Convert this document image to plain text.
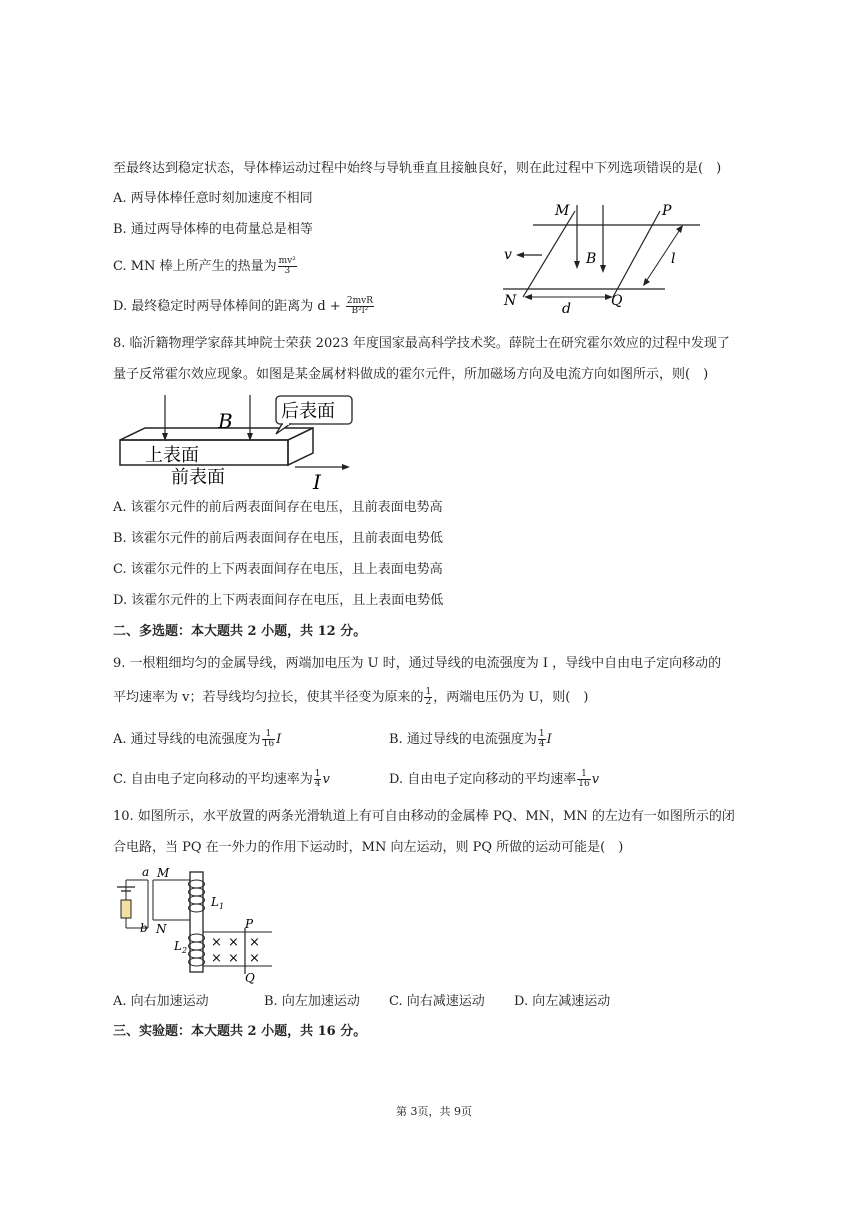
至最终达到稳定状态，导体棒运动过程中始终与导轨垂直且接触良好，则在此过程中下列选项错误的是(　)
A. 两导体棒任意时刻加速度不相同
B. 通过两导体棒的电荷量总是相等
C. MN 棒上所产生的热量为 $\frac{\text{mv²}}{3}$
D. 最终稳定时两导体棒间的距离为 $d + \frac{\text{2mvR}}{\text{B²l²}}$
M	P
N	Q
v	B	l
d
8. 临沂籍物理学家薛其坤院士荣获 2023 年度国家最高科学技术奖。薛院士在研究霍尔效应的过程中发现了
量子反常霍尔效应现象。如图是某金属材料做成的霍尔元件，所加磁场方向及电流方向如图所示，则(　)
B	后表面
上表面
前表面	I
A. 该霍尔元件的前后两表面间存在电压，且前表面电势高
B. 该霍尔元件的前后两表面间存在电压，且前表面电势低
C. 该霍尔元件的上下两表面间存在电压，且上表面电势高
D. 该霍尔元件的上下两表面间存在电压，且上表面电势低
二、多选题：本大题共 2 小题，共 12 分。
9. 一根粗细均匀的金属导线，两端加电压为 U 时，通过导线的电流强度为 I ，导线中自由电子定向移动的
平均速率为 v；若导线均匀拉长，使其半径变为原来的 $\frac{1}{2}$ ，两端电压仍为 U，则(　)
A. 通过导线的电流强度为 $\frac{1}{16}$ I	B. 通过导线的电流强度为 $\frac{1}{4}$ I
C. 自由电子定向移动的平均速率为 $\frac{1}{4}$ v	D. 自由电子定向移动的平均速率 $\frac{1}{16}$ v
10. 如图所示，水平放置的两条光滑轨道上有可自由移动的金属棒 PQ、MN，MN 的左边有一如图所示的闭
合电路，当 PQ 在一外力的作用下运动时，MN 向左运动，则 PQ 所做的运动可能是(　)
× × ×
× × ×
a
b
M
N
$L_1$
$L_2$
P
Q
A. 向右加速运动	B. 向左加速运动 C. 向右减速运动 D. 向左减速运动
三、实验题：本大题共 2 小题，共 16 分。
第 3页，共 9页
